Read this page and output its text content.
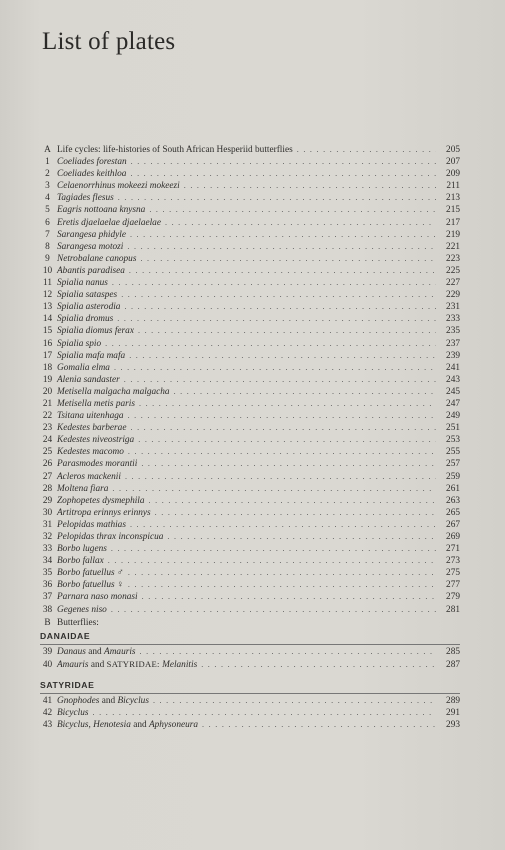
List of plates
A Life cycles: life-histories of South African Hesperiid butterflies . . .	205
1 Coeliades forestan . . .	207
2 Coeliades keithloa . . .	209
3 Celaenorrhinus mokeezi mokeezi . . .	211
4 Tagiades flesus . . .	213
5 Eagris nottoana knysna . . .	215
6 Eretis djaelaelae djaelaelae . . .	217
7 Sarangesa phidyle . . .	219
8 Sarangesa motozi . . .	221
9 Netrobalane canopus . . .	223
10 Abantis paradisea . . .	225
11 Spialia nanus . . .	227
12 Spialia sataspes . . .	229
13 Spialia asterodia . . .	231
14 Spialia dromus . . .	233
15 Spialia diomus ferax . . .	235
16 Spialia spio . . .	237
17 Spialia mafa mafa . . .	239
18 Gomalia elma . . .	241
19 Alenia sandaster . . .	243
20 Metisella malgacha malgacha . . .	245
21 Metisella metis paris . . .	247
22 Tsitana uitenhaga . . .	249
23 Kedestes barberae . . .	251
24 Kedestes niveostriga . . .	253
25 Kedestes macomo . . .	255
26 Parasmodes morantii . . .	257
27 Acleros mackenii . . .	259
28 Moltena fiara . . .	261
29 Zophopetes dysmephila . . .	263
30 Artitropa erinnys erinnys . . .	265
31 Pelopidas mathias . . .	267
32 Pelopidas thrax inconspicua . . .	269
33 Borbo lugens . . .	271
34 Borbo fallax . . .	273
35 Borbo fatuellus ♂ . . .	275
36 Borbo fatuellus ♀ . . .	277
37 Parnara naso monasi . . .	279
38 Gegenes niso . . .	281
B Butterflies:
DANAIDAE
39 Danaus and Amauris . . .	285
40 Amauris and SATYRIDAE: Melanitis . . .	287
SATYRIDAE
41 Gnophodes and Bicyclus . . .	289
42 Bicyclus . . .	291
43 Bicyclus, Henotesia and Aphysoneura . . .	293
